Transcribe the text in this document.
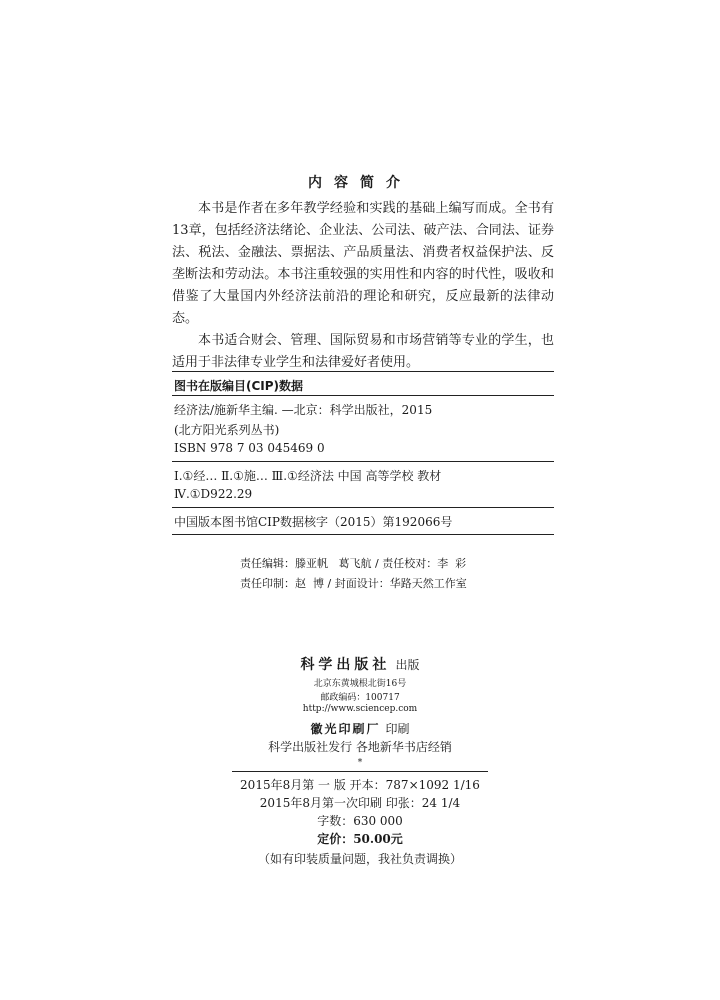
内容简介

本书是作者在多年教学经验和实践的基础上编写而成。全书有13章，包括经济法绪论、企业法、公司法、破产法、合同法、证券法、税法、金融法、票据法、产品质量法、消费者权益保护法、反垄断法和劳动法。本书注重较强的实用性和内容的时代性，吸收和借鉴了大量国内外经济法前沿的理论和研究，反应最新的法律动态。

本书适合财会、管理、国际贸易和市场营销等专业的学生，也适用于非法律专业学生和法律爱好者使用。

图书在版编目(CIP)数据
经济法/施新华主编. —北京：科学出版社，2015
(北方阳光系列丛书)
ISBN 978 7 03 045469 0
Ⅰ.①经… Ⅱ.①施… Ⅲ.①经济法 中国 高等学校 教材
Ⅳ.①D922.29
中国版本图书馆CIP数据核字（2015）第192066号

责任编辑：滕亚帆   葛飞航 / 责任校对：李  彩

责任印制：赵  博 / 封面设计：华路天然工作室

科学出版社 出版
北京东黄城根北街16号
邮政编码：100717
http://www.sciencep.com
徽光印刷厂 印刷
科学出版社发行 各地新华书店经销
*
2015年8月第 一 版 开本：787×1092 1/16
2015年8月第一次印刷 印张：24 1/4
字数：630 000
定价：50.00元
（如有印装质量问题，我社负责调换）
